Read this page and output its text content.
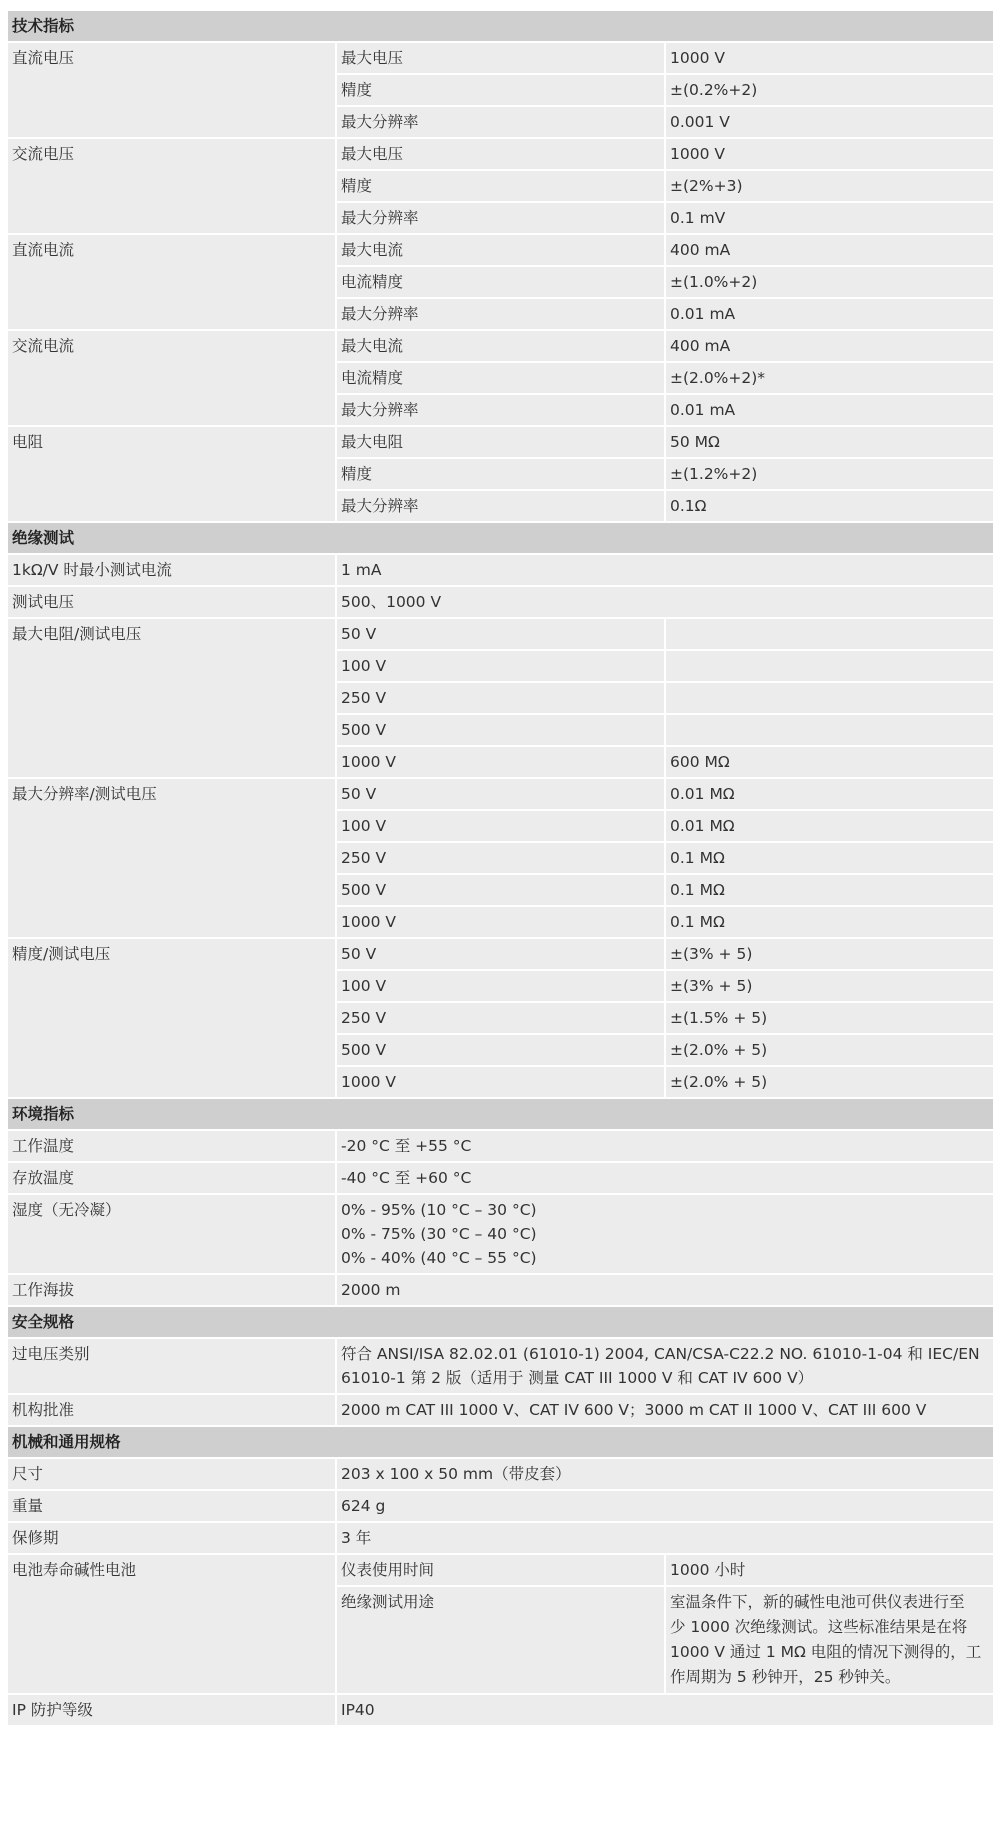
技术指标		
直流电压	最大电压	1000 V
	精度	±(0.2%+2)
	最大分辨率	0.001 V
交流电压	最大电压	1000 V
	精度	±(2%+3)
	最大分辨率	0.1 mV
直流电流	最大电流	400 mA
	电流精度	±(1.0%+2)
	最大分辨率	0.01 mA
交流电流	最大电流	400 mA
	电流精度	±(2.0%+2)*
	最大分辨率	0.01 mA
电阻	最大电阻	50 MΩ
	精度	±(1.2%+2)
	最大分辨率	0.1Ω
绝缘测试		
1kΩ/V 时最小测试电流	1 mA	
测试电压	500、1000 V	
最大电阻/测试电压	50 V	
	100 V	
	250 V	
	500 V	
	1000 V	600 MΩ
最大分辨率/测试电压	50 V	0.01 MΩ
	100 V	0.01 MΩ
	250 V	0.1 MΩ
	500 V	0.1 MΩ
	1000 V	0.1 MΩ
精度/测试电压	50 V	±(3% + 5)
	100 V	±(3% + 5)
	250 V	±(1.5% + 5)
	500 V	±(2.0% + 5)
	1000 V	±(2.0% + 5)
环境指标		
工作温度	-20 °C 至 +55 °C	
存放温度	-40 °C 至 +60 °C	
湿度（无冷凝）	0% - 95% (10 °C – 30 °C)
0% - 75% (30 °C – 40 °C)
0% - 40% (40 °C – 55 °C)	

工作海拔	2000 m	
安全规格		
过电压类别	符合 ANSI/ISA 82.02.01 (61010-1) 2004, CAN/CSA-C22.2 NO. 61010-1-04 和 IEC/EN
61010-1 第 2 版（适用于 测量 CAT III 1000 V 和 CAT IV 600 V）	

机构批准	2000 m CAT III 1000 V、CAT IV 600 V；3000 m CAT II 1000 V、CAT III 600 V	
机械和通用规格		
尺寸	203 x 100 x 50 mm（带皮套）	
重量	624 g	
保修期	3 年	
电池寿命碱性电池	仪表使用时间	1000 小时
	绝缘测试用途	室温条件下，新的碱性电池可供仪表进行至
少 1000 次绝缘测试。这些标准结果是在将
1000 V 通过 1 MΩ 电阻的情况下测得的，工
作周期为 5 秒钟开，25 秒钟关。

IP 防护等级	IP40	
